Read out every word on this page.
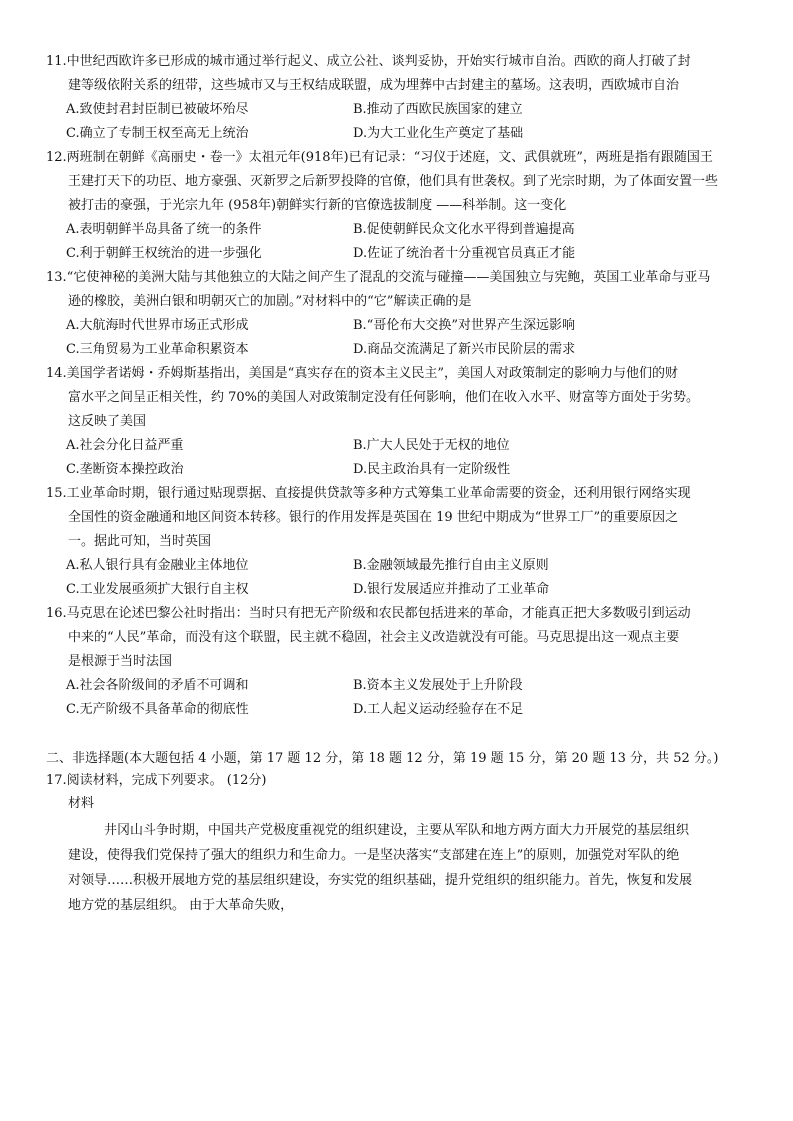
11.中世纪西欧许多已形成的城市通过举行起义、成立公社、谈判妥协，开始实行城市自治。西欧的商人打破了封
建等级依附关系的纽带，这些城市又与王权结成联盟，成为埋葬中古封建主的墓场。这表明，西欧城市自治
A.致使封君封臣制已被破坏殆尽	B.推动了西欧民族国家的建立
C.确立了专制王权至高无上统治	D.为大工业化生产奠定了基础
12.两班制在朝鲜《高丽史・卷一》太祖元年(918年)已有记录：“习仪于述庭，文、武俱就班”，两班是指有跟随国王
王建打天下的功臣、地方豪强、灭新罗之后新罗投降的官僚，他们具有世袭权。到了光宗时期，为了体面安置一些
被打击的豪强，于光宗九年 (958年)朝鲜实行新的官僚选拔制度 ——科举制。这一变化
A.表明朝鲜半岛具备了统一的条件	B.促使朝鲜民众文化水平得到普遍提高
C.利于朝鲜王权统治的进一步强化	D.佐证了统治者十分重视官员真正才能
13.“它使神秘的美洲大陆与其他独立的大陆之间产生了混乱的交流与碰撞——美国独立与宪鲍，英国工业革命与亚马
逊的橡胶，美洲白银和明朝灭亡的加剧。”对材料中的“它”解读正确的是
A.大航海时代世界市场正式形成	B.“哥伦布大交换”对世界产生深远影响
C.三角贸易为工业革命积累资本	D.商品交流满足了新兴市民阶层的需求
14.美国学者诺姆・乔姆斯基指出，美国是“真实存在的资本主义民主”，美国人对政策制定的影响力与他们的财
富水平之间呈正相关性，约 70%的美国人对政策制定没有任何影响，他们在收入水平、财富等方面处于劣势。
这反映了美国
A.社会分化日益严重	B.广大人民处于无权的地位
C.垄断资本操控政治	D.民主政治具有一定阶级性
15.工业革命时期，银行通过贴现票据、直接提供贷款等多种方式筹集工业革命需要的资金，还利用银行网络实现
全国性的资金融通和地区间资本转移。银行的作用发挥是英国在 19 世纪中期成为“世界工厂”的重要原因之
一。据此可知，当时英国
A.私人银行具有金融业主体地位	B.金融领域最先推行自由主义原则
C.工业发展亟须扩大银行自主权	D.银行发展适应并推动了工业革命
16.马克思在论述巴黎公社时指出：当时只有把无产阶级和农民都包括进来的革命，才能真正把大多数吸引到运动
中来的“人民”革命，而没有这个联盟，民主就不稳固，社会主义改造就没有可能。马克思提出这一观点主要
是根源于当时法国
A.社会各阶级间的矛盾不可调和	B.资本主义发展处于上升阶段
C.无产阶级不具备革命的彻底性	D.工人起义运动经验存在不足
二、非选择题(本大题包括 4 小题，第 17 题 12 分，第 18 题 12 分，第 19 题 15 分，第 20 题 13 分，共 52 分。)
17.阅读材料，完成下列要求。 (12分)
材料
井冈山斗争时期，中国共产党极度重视党的组织建设，主要从军队和地方两方面大力开展党的基层组织
建设，使得我们党保持了强大的组织力和生命力。一是坚决落实“支部建在连上”的原则，加强党对军队的绝
对领导……积极开展地方党的基层组织建设，夯实党的组织基础，提升党组织的组织能力。首先，恢复和发展
地方党的基层组织。 由于大革命失败，
